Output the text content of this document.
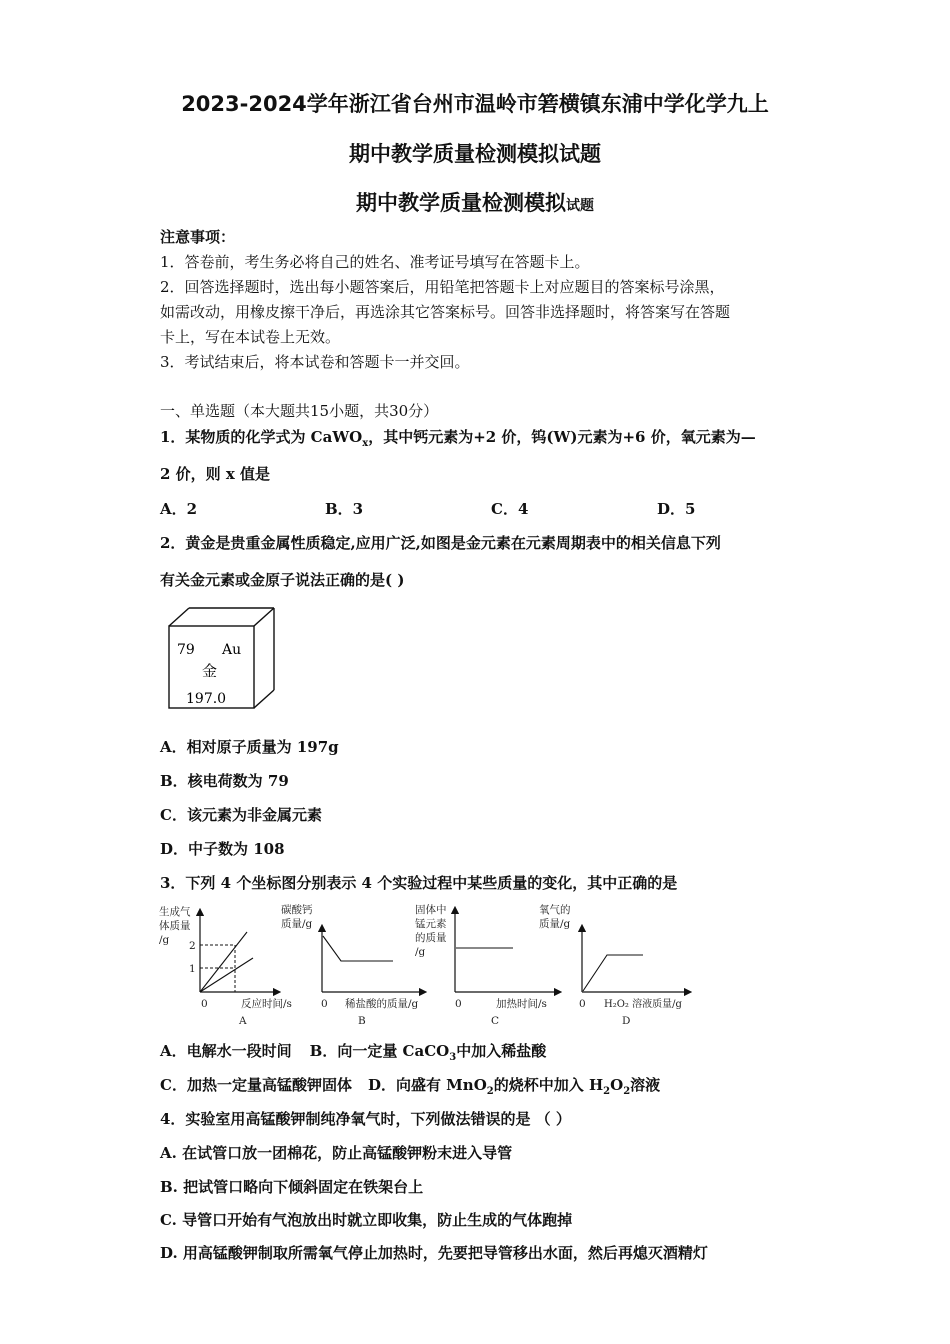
2023-2024学年浙江省台州市温岭市箬横镇东浦中学化学九上
期中教学质量检测模拟试题
期中教学质量检测模拟试题
注意事项：
1．答卷前，考生务必将自己的姓名、准考证号填写在答题卡上。
2．回答选择题时，选出每小题答案后，用铅笔把答题卡上对应题目的答案标号涂黑，
如需改动，用橡皮擦干净后，再选涂其它答案标号。回答非选择题时，将答案写在答题
卡上，写在本试卷上无效。
3．考试结束后，将本试卷和答题卡一并交回。
一、单选题（本大题共15小题，共30分）
1．某物质的化学式为 CaWO$_x$，其中钙元素为+2 价，钨(W)元素为+6 价，氧元素为—
2 价，则 x 值是
A．2	B．3	C．4	D．5
2．黄金是贵重金属性质稳定,应用广泛,如图是金元素在元素周期表中的相关信息下列
有关金元素或金原子说法正确的是( )
79 Au
金
197.0
A．相对原子质量为 197g
B．核电荷数为 79
C．该元素为非金属元素
D．中子数为 108
3．下列 4 个坐标图分别表示 4 个实验过程中某些质量的变化，其中正确的是
生成气
体质量
/g 2
1
0	反应时间/s
A
碳酸钙
质量/g
0 稀盐酸的质量/g
B
固体中
锰元素
的质量
/g
0	加热时间/s
C
氧气的
质量/g
0 H₂O₂ 溶液质量/g
D
A．电解水一段时间 B．向一定量 CaCO$_3$中加入稀盐酸
C．加热一定量高锰酸钾固体 D．向盛有 MnO$_2$的烧杯中加入 $H_2O_2$溶液
4．实验室用高锰酸钾制纯净氧气时，下列做法错误的是 （ ）
A. 在试管口放一团棉花，防止高锰酸钾粉末进入导管
B. 把试管口略向下倾斜固定在铁架台上
C. 导管口开始有气泡放出时就立即收集，防止生成的气体跑掉
D. 用高锰酸钾制取所需氧气停止加热时，先要把导管移出水面，然后再熄灭酒精灯
